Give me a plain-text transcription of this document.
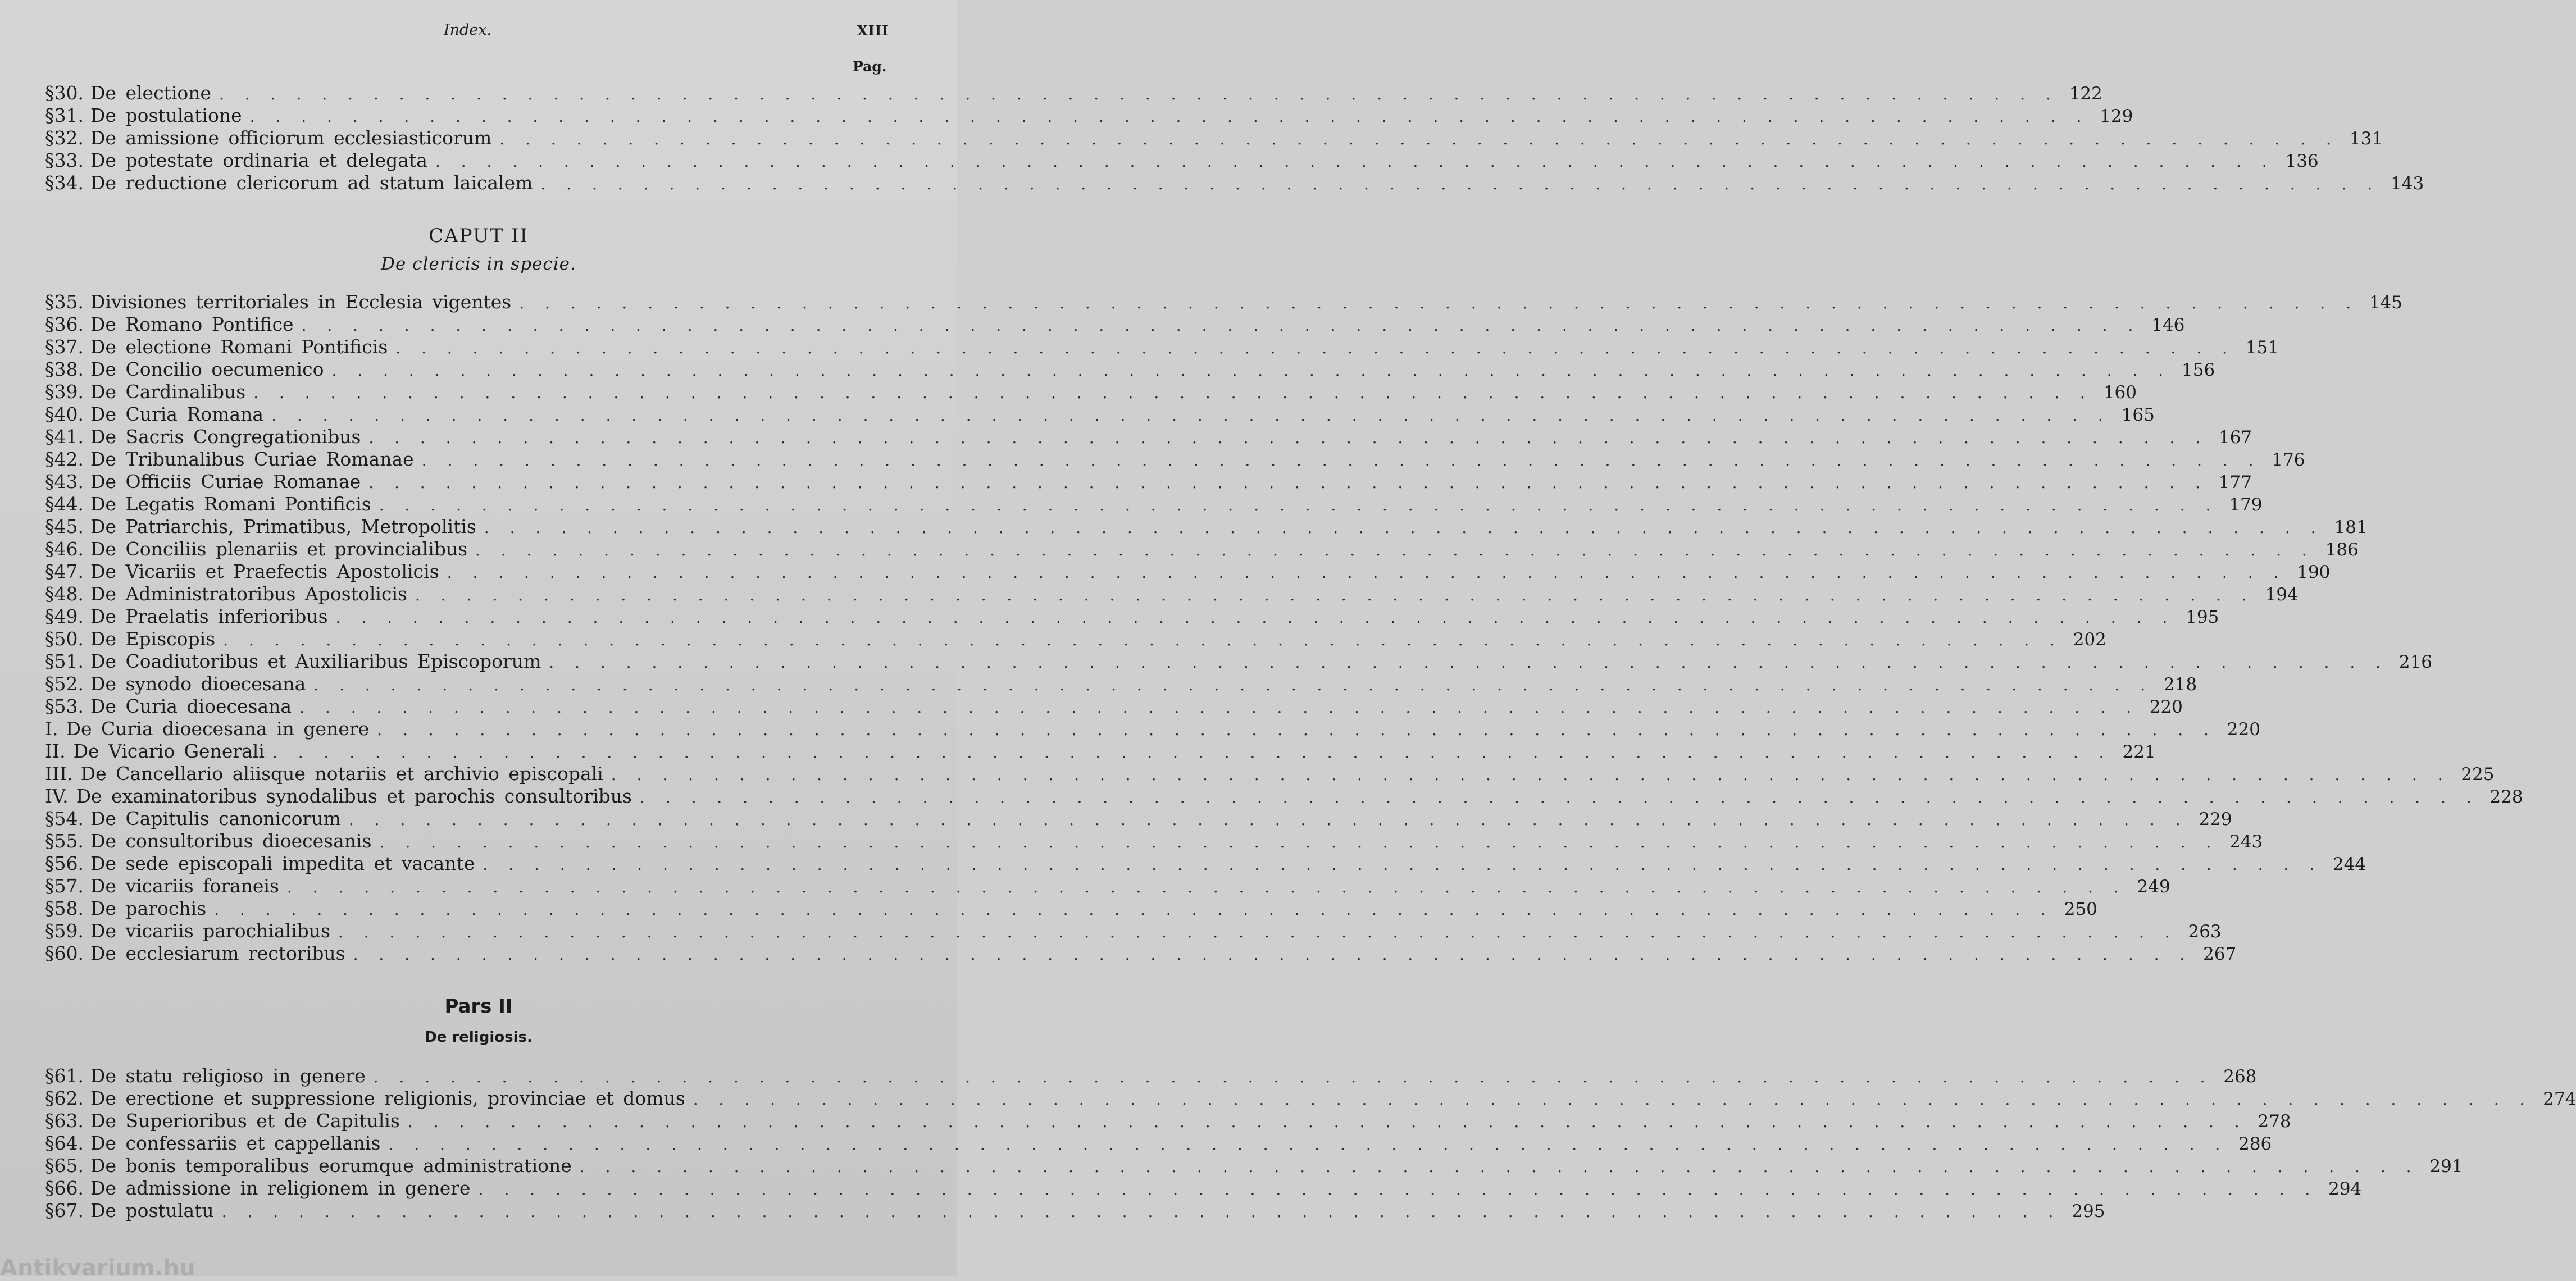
Index.	XIII
Pag.
§ 30. De electione . . . . . . . . . . . . . . . . . . . . . . . . . . . . . . . . . . . . . . . . . . . . . . . . . . . . . . . . . . . . . . . . . . . . . . . . 122
§ 31. De postulatione . . . . . . . . . . . . . . . . . . . . . . . . . . . . . . . . . . . . . . . . . . . . . . . . . . . . . . . . . . . . . . . . . . . . . . . . 129
§ 32. De amissione officiorum ecclesiasticorum . . . . . . . . . . . . . . . . . . . . . . . . . . . . . . . . . . . . . . . . . . . . . . . . . . . . . . . . . . . . . . . . . . . . . . . . 131
§ 33. De potestate ordinaria et delegata . . . . . . . . . . . . . . . . . . . . . . . . . . . . . . . . . . . . . . . . . . . . . . . . . . . . . . . . . . . . . . . . . . . . . . . . 136
§ 34. De reductione clericorum ad statum laicalem . . . . . . . . . . . . . . . . . . . . . . . . . . . . . . . . . . . . . . . . . . . . . . . . . . . . . . . . . . . . . . . . . . . . . . . . 143
CAPUT II
De clericis in specie.
§ 35. Divisiones territoriales in Ecclesia vigentes . . . . . . . . . . . . . . . . . . . . . . . . . . . . . . . . . . . . . . . . . . . . . . . . . . . . . . . . . . . . . . . . . . . . . . . . 145
§ 36. De Romano Pontifice . . . . . . . . . . . . . . . . . . . . . . . . . . . . . . . . . . . . . . . . . . . . . . . . . . . . . . . . . . . . . . . . . . . . . . . . 146
§ 37. De electione Romani Pontificis . . . . . . . . . . . . . . . . . . . . . . . . . . . . . . . . . . . . . . . . . . . . . . . . . . . . . . . . . . . . . . . . . . . . . . . . 151
§ 38. De Concilio oecumenico . . . . . . . . . . . . . . . . . . . . . . . . . . . . . . . . . . . . . . . . . . . . . . . . . . . . . . . . . . . . . . . . . . . . . . . . 156
§ 39. De Cardinalibus . . . . . . . . . . . . . . . . . . . . . . . . . . . . . . . . . . . . . . . . . . . . . . . . . . . . . . . . . . . . . . . . . . . . . . . . 160
§ 40. De Curia Romana . . . . . . . . . . . . . . . . . . . . . . . . . . . . . . . . . . . . . . . . . . . . . . . . . . . . . . . . . . . . . . . . . . . . . . . . 165
§ 41. De Sacris Congregationibus . . . . . . . . . . . . . . . . . . . . . . . . . . . . . . . . . . . . . . . . . . . . . . . . . . . . . . . . . . . . . . . . . . . . . . . . 167
§ 42. De Tribunalibus Curiae Romanae . . . . . . . . . . . . . . . . . . . . . . . . . . . . . . . . . . . . . . . . . . . . . . . . . . . . . . . . . . . . . . . . . . . . . . . . 176
§ 43. De Officiis Curiae Romanae . . . . . . . . . . . . . . . . . . . . . . . . . . . . . . . . . . . . . . . . . . . . . . . . . . . . . . . . . . . . . . . . . . . . . . . . 177
§ 44. De Legatis Romani Pontificis . . . . . . . . . . . . . . . . . . . . . . . . . . . . . . . . . . . . . . . . . . . . . . . . . . . . . . . . . . . . . . . . . . . . . . . . 179
§ 45. De Patriarchis, Primatibus, Metropolitis . . . . . . . . . . . . . . . . . . . . . . . . . . . . . . . . . . . . . . . . . . . . . . . . . . . . . . . . . . . . . . . . . . . . . . . . 181
§ 46. De Conciliis plenariis et provincialibus . . . . . . . . . . . . . . . . . . . . . . . . . . . . . . . . . . . . . . . . . . . . . . . . . . . . . . . . . . . . . . . . . . . . . . . . 186
§ 47. De Vicariis et Praefectis Apostolicis . . . . . . . . . . . . . . . . . . . . . . . . . . . . . . . . . . . . . . . . . . . . . . . . . . . . . . . . . . . . . . . . . . . . . . . . 190
§ 48. De Administratoribus Apostolicis . . . . . . . . . . . . . . . . . . . . . . . . . . . . . . . . . . . . . . . . . . . . . . . . . . . . . . . . . . . . . . . . . . . . . . . . 194
§ 49. De Praelatis inferioribus . . . . . . . . . . . . . . . . . . . . . . . . . . . . . . . . . . . . . . . . . . . . . . . . . . . . . . . . . . . . . . . . . . . . . . . . 195
§ 50. De Episcopis . . . . . . . . . . . . . . . . . . . . . . . . . . . . . . . . . . . . . . . . . . . . . . . . . . . . . . . . . . . . . . . . . . . . . . . . 202
§ 51. De Coadiutoribus et Auxiliaribus Episcoporum . . . . . . . . . . . . . . . . . . . . . . . . . . . . . . . . . . . . . . . . . . . . . . . . . . . . . . . . . . . . . . . . . . . . . . . . 216
§ 52. De synodo dioecesana . . . . . . . . . . . . . . . . . . . . . . . . . . . . . . . . . . . . . . . . . . . . . . . . . . . . . . . . . . . . . . . . . . . . . . . . 218
§ 53. De Curia dioecesana . . . . . . . . . . . . . . . . . . . . . . . . . . . . . . . . . . . . . . . . . . . . . . . . . . . . . . . . . . . . . . . . . . . . . . . . 220
I. De Curia dioecesana in genere . . . . . . . . . . . . . . . . . . . . . . . . . . . . . . . . . . . . . . . . . . . . . . . . . . . . . . . . . . . . . . . . . . . . . . . . 220
II. De Vicario Generali . . . . . . . . . . . . . . . . . . . . . . . . . . . . . . . . . . . . . . . . . . . . . . . . . . . . . . . . . . . . . . . . . . . . . . . . 221
III. De Cancellario aliisque notariis et archivio episcopali . . . . . . . . . . . . . . . . . . . . . . . . . . . . . . . . . . . . . . . . . . . . . . . . . . . . . . . . . . . . . . . . . . . . . . . . 225
IV. De examinatoribus synodalibus et parochis consultoribus . . . . . . . . . . . . . . . . . . . . . . . . . . . . . . . . . . . . . . . . . . . . . . . . . . . . . . . . . . . . . . . . . . . . . . . . 228
§ 54. De Capitulis canonicorum . . . . . . . . . . . . . . . . . . . . . . . . . . . . . . . . . . . . . . . . . . . . . . . . . . . . . . . . . . . . . . . . . . . . . . . . 229
§ 55. De consultoribus dioecesanis . . . . . . . . . . . . . . . . . . . . . . . . . . . . . . . . . . . . . . . . . . . . . . . . . . . . . . . . . . . . . . . . . . . . . . . . 243
§ 56. De sede episcopali impedita et vacante . . . . . . . . . . . . . . . . . . . . . . . . . . . . . . . . . . . . . . . . . . . . . . . . . . . . . . . . . . . . . . . . . . . . . . . . 244
§ 57. De vicariis foraneis . . . . . . . . . . . . . . . . . . . . . . . . . . . . . . . . . . . . . . . . . . . . . . . . . . . . . . . . . . . . . . . . . . . . . . . . 249
§ 58. De parochis . . . . . . . . . . . . . . . . . . . . . . . . . . . . . . . . . . . . . . . . . . . . . . . . . . . . . . . . . . . . . . . . . . . . . . . . 250
§ 59. De vicariis parochialibus . . . . . . . . . . . . . . . . . . . . . . . . . . . . . . . . . . . . . . . . . . . . . . . . . . . . . . . . . . . . . . . . . . . . . . . . 263
§ 60. De ecclesiarum rectoribus . . . . . . . . . . . . . . . . . . . . . . . . . . . . . . . . . . . . . . . . . . . . . . . . . . . . . . . . . . . . . . . . . . . . . . . . 267
Pars II
De religiosis.
§ 61. De statu religioso in genere . . . . . . . . . . . . . . . . . . . . . . . . . . . . . . . . . . . . . . . . . . . . . . . . . . . . . . . . . . . . . . . . . . . . . . . . 268
§ 62. De erectione et suppressione religionis, provinciae et domus . . . . . . . . . . . . . . . . . . . . . . . . . . . . . . . . . . . . . . . . . . . . . . . . . . . . . . . . . . . . . . . . . . . . . . . . 274
§ 63. De Superioribus et de Capitulis . . . . . . . . . . . . . . . . . . . . . . . . . . . . . . . . . . . . . . . . . . . . . . . . . . . . . . . . . . . . . . . . . . . . . . . . 278
§ 64. De confessariis et cappellanis . . . . . . . . . . . . . . . . . . . . . . . . . . . . . . . . . . . . . . . . . . . . . . . . . . . . . . . . . . . . . . . . . . . . . . . . 286
§ 65. De bonis temporalibus eorumque administratione . . . . . . . . . . . . . . . . . . . . . . . . . . . . . . . . . . . . . . . . . . . . . . . . . . . . . . . . . . . . . . . . . . . . . . . . 291
§ 66. De admissione in religionem in genere . . . . . . . . . . . . . . . . . . . . . . . . . . . . . . . . . . . . . . . . . . . . . . . . . . . . . . . . . . . . . . . . . . . . . . . . 294
§ 67. De postulatu . . . . . . . . . . . . . . . . . . . . . . . . . . . . . . . . . . . . . . . . . . . . . . . . . . . . . . . . . . . . . . . . . . . . . . . . 295
Antikvarium.hu
